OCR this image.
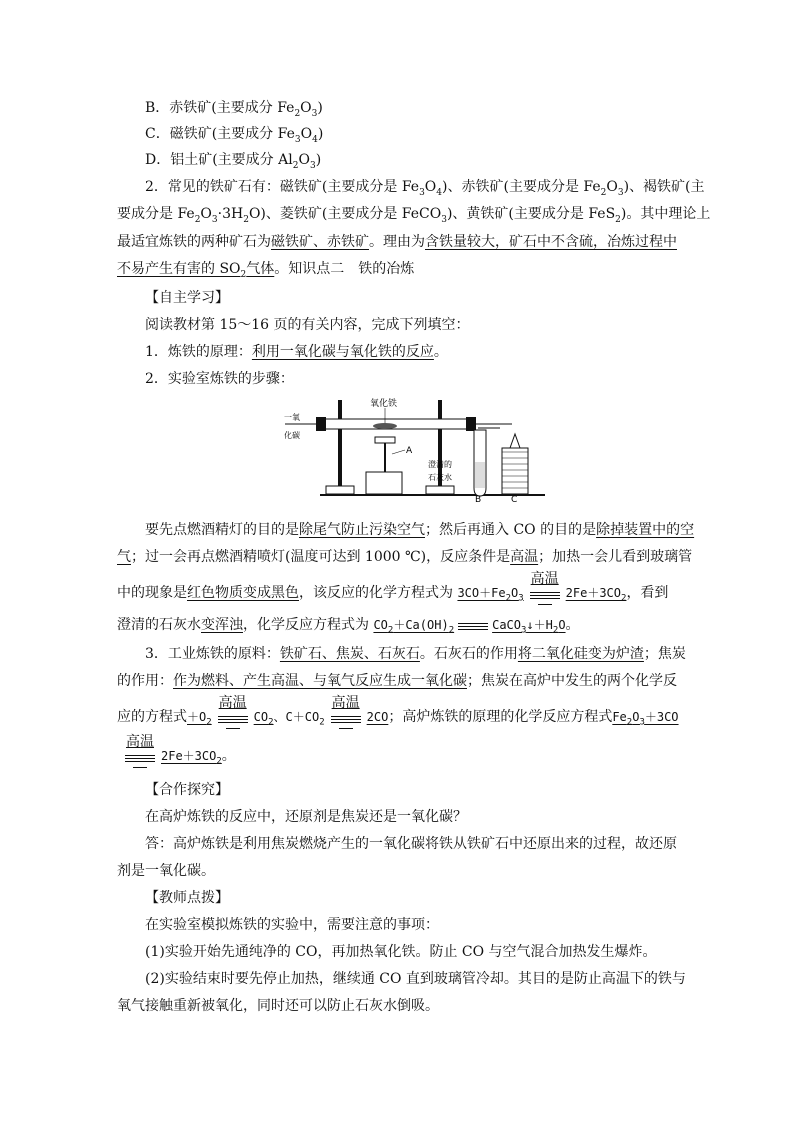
B．赤铁矿(主要成分 $Fe_2O_3$)
C．磁铁矿(主要成分 $Fe_3O_4$)
D．铝土矿(主要成分 $Al_2O_3$)
2．常见的铁矿石有：磁铁矿(主要成分是 $Fe_3O_4$)、赤铁矿(主要成分是 $Fe_2O_3$)、褐铁矿(主
要成分是 $Fe_2O_3\cdot 3H_2O$)、菱铁矿(主要成分是 FeCO$_3$)、黄铁矿(主要成分是 FeS$_2$)。其中理论上
最适宜炼铁的两种矿石为磁铁矿、赤铁矿。理由为含铁量较大，矿石中不含硫，冶炼过程中
不易产生有害的 $SO_2$气体。知识点二　铁的冶炼
【自主学习】
阅读教材第 15～16 页的有关内容，完成下列填空：
1．炼铁的原理：利用一氧化碳与氧化铁的反应。
2．实验室炼铁的步骤：
一氧
化碳
氧化铁
A
澄清的
石灰水
B	C
要先点燃酒精灯的目的是除尾气防止污染空气；然后再通入 CO 的目的是除掉装置中的空
气；过一会再点燃酒精喷灯(温度可达到 1000 ℃)，反应条件是高温；加热一会儿看到玻璃管
中的现象是红色物质变成黑色，该反应的化学方程式为 $3CO+Fe_2O_3$
高温
$2Fe+3CO_2$，看到
澄清的石灰水变浑浊，化学反应方程式为 $CO_2+Ca(OH)_2$	$CaCO_3↓+H_2O$。
3．工业炼铁的原料：铁矿石、焦炭、石灰石。石灰石的作用将二氧化硅变为炉渣；焦炭
的作用：作为燃料、产生高温、与氧气反应生成一氧化碳；焦炭在高炉中发生的两个化学反
应的方程式$+O_2$
高温
$CO_2$、$C+CO_2$
高温
2CO；高炉炼铁的原理的化学反应方程式$Fe_2O_3+3CO$
高温
$2Fe+3CO_2$。
【合作探究】
在高炉炼铁的反应中，还原剂是焦炭还是一氧化碳？
答：高炉炼铁是利用焦炭燃烧产生的一氧化碳将铁从铁矿石中还原出来的过程，故还原
剂是一氧化碳。
【教师点拨】
在实验室模拟炼铁的实验中，需要注意的事项：
(1)实验开始先通纯净的 CO，再加热氧化铁。防止 CO 与空气混合加热发生爆炸。
(2)实验结束时要先停止加热，继续通 CO 直到玻璃管冷却。其目的是防止高温下的铁与
氧气接触重新被氧化，同时还可以防止石灰水倒吸。
